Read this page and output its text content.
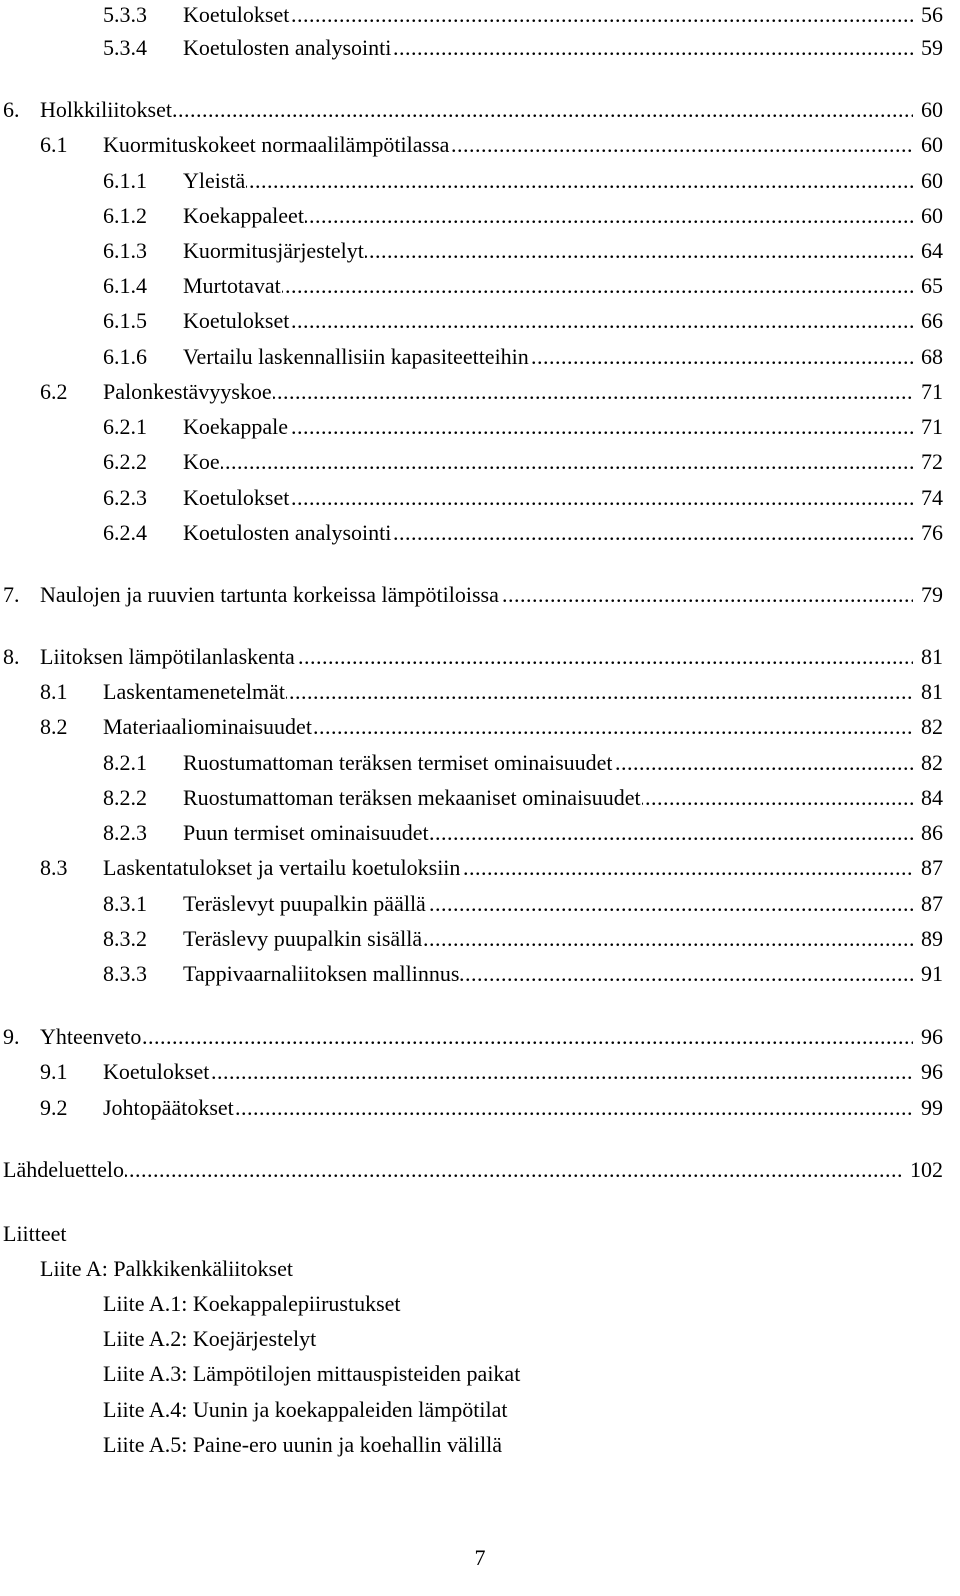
5.3.3 ..... Koetulokset	56
5.3.4 ..... Koetulosten analysointi	59
6. ..... Holkkiliitokset.	60
6.1 ..... Kuormituskokeet normaalilämpötilassa	60
6.1.1 ..... Yleistä	60
6.1.2 ..... Koekappaleet	60
6.1.3 ..... Kuormitusjärjestelyt	64
6.1.4 ..... Murtotavat	65
6.1.5 ..... Koetulokset	66
6.1.6 ..... Vertailu laskennallisiin kapasiteetteihin	68
6.2 ..... Palonkestävyyskoe	71
6.2.1 ..... Koekappale	71
6.2.2 ..... Koe	72
6.2.3 ..... Koetulokset	74
6.2.4 ..... Koetulosten analysointi	76
7. ..... Naulojen ja ruuvien tartunta korkeissa lämpötiloissa	79
8. ..... Liitoksen lämpötilanlaskenta	81
8.1 ..... Laskentamenetelmät	81
8.2 ..... Materiaaliominaisuudet	82
8.2.1 ..... Ruostumattoman teräksen termiset ominaisuudet	82
8.2.2 ..... Ruostumattoman teräksen mekaaniset ominaisuudet	84
8.2.3 ..... Puun termiset ominaisuudet	86
8.3 ..... Laskentatulokset ja vertailu koetuloksiin	87
8.3.1 ..... Teräslevyt puupalkin päällä	87
8.3.2 ..... Teräslevy puupalkin sisällä	89
8.3.3 ..... Tappivaarnaliitoksen mallinnus	91
9. ..... Yhteenveto	96
9.1 ..... Koetulokset	96
9.2 ..... Johtopäätokset	99
.....
Lähdeluettelo	102
Liitteet
Liite A: Palkkikenkäliitokset
Liite A.1: Koekappalepiirustukset
Liite A.2: Koejärjestelyt
Liite A.3: Lämpötilojen mittauspisteiden paikat
Liite A.4: Uunin ja koekappaleiden lämpötilat
Liite A.5: Paine-ero uunin ja koehallin välillä
7
